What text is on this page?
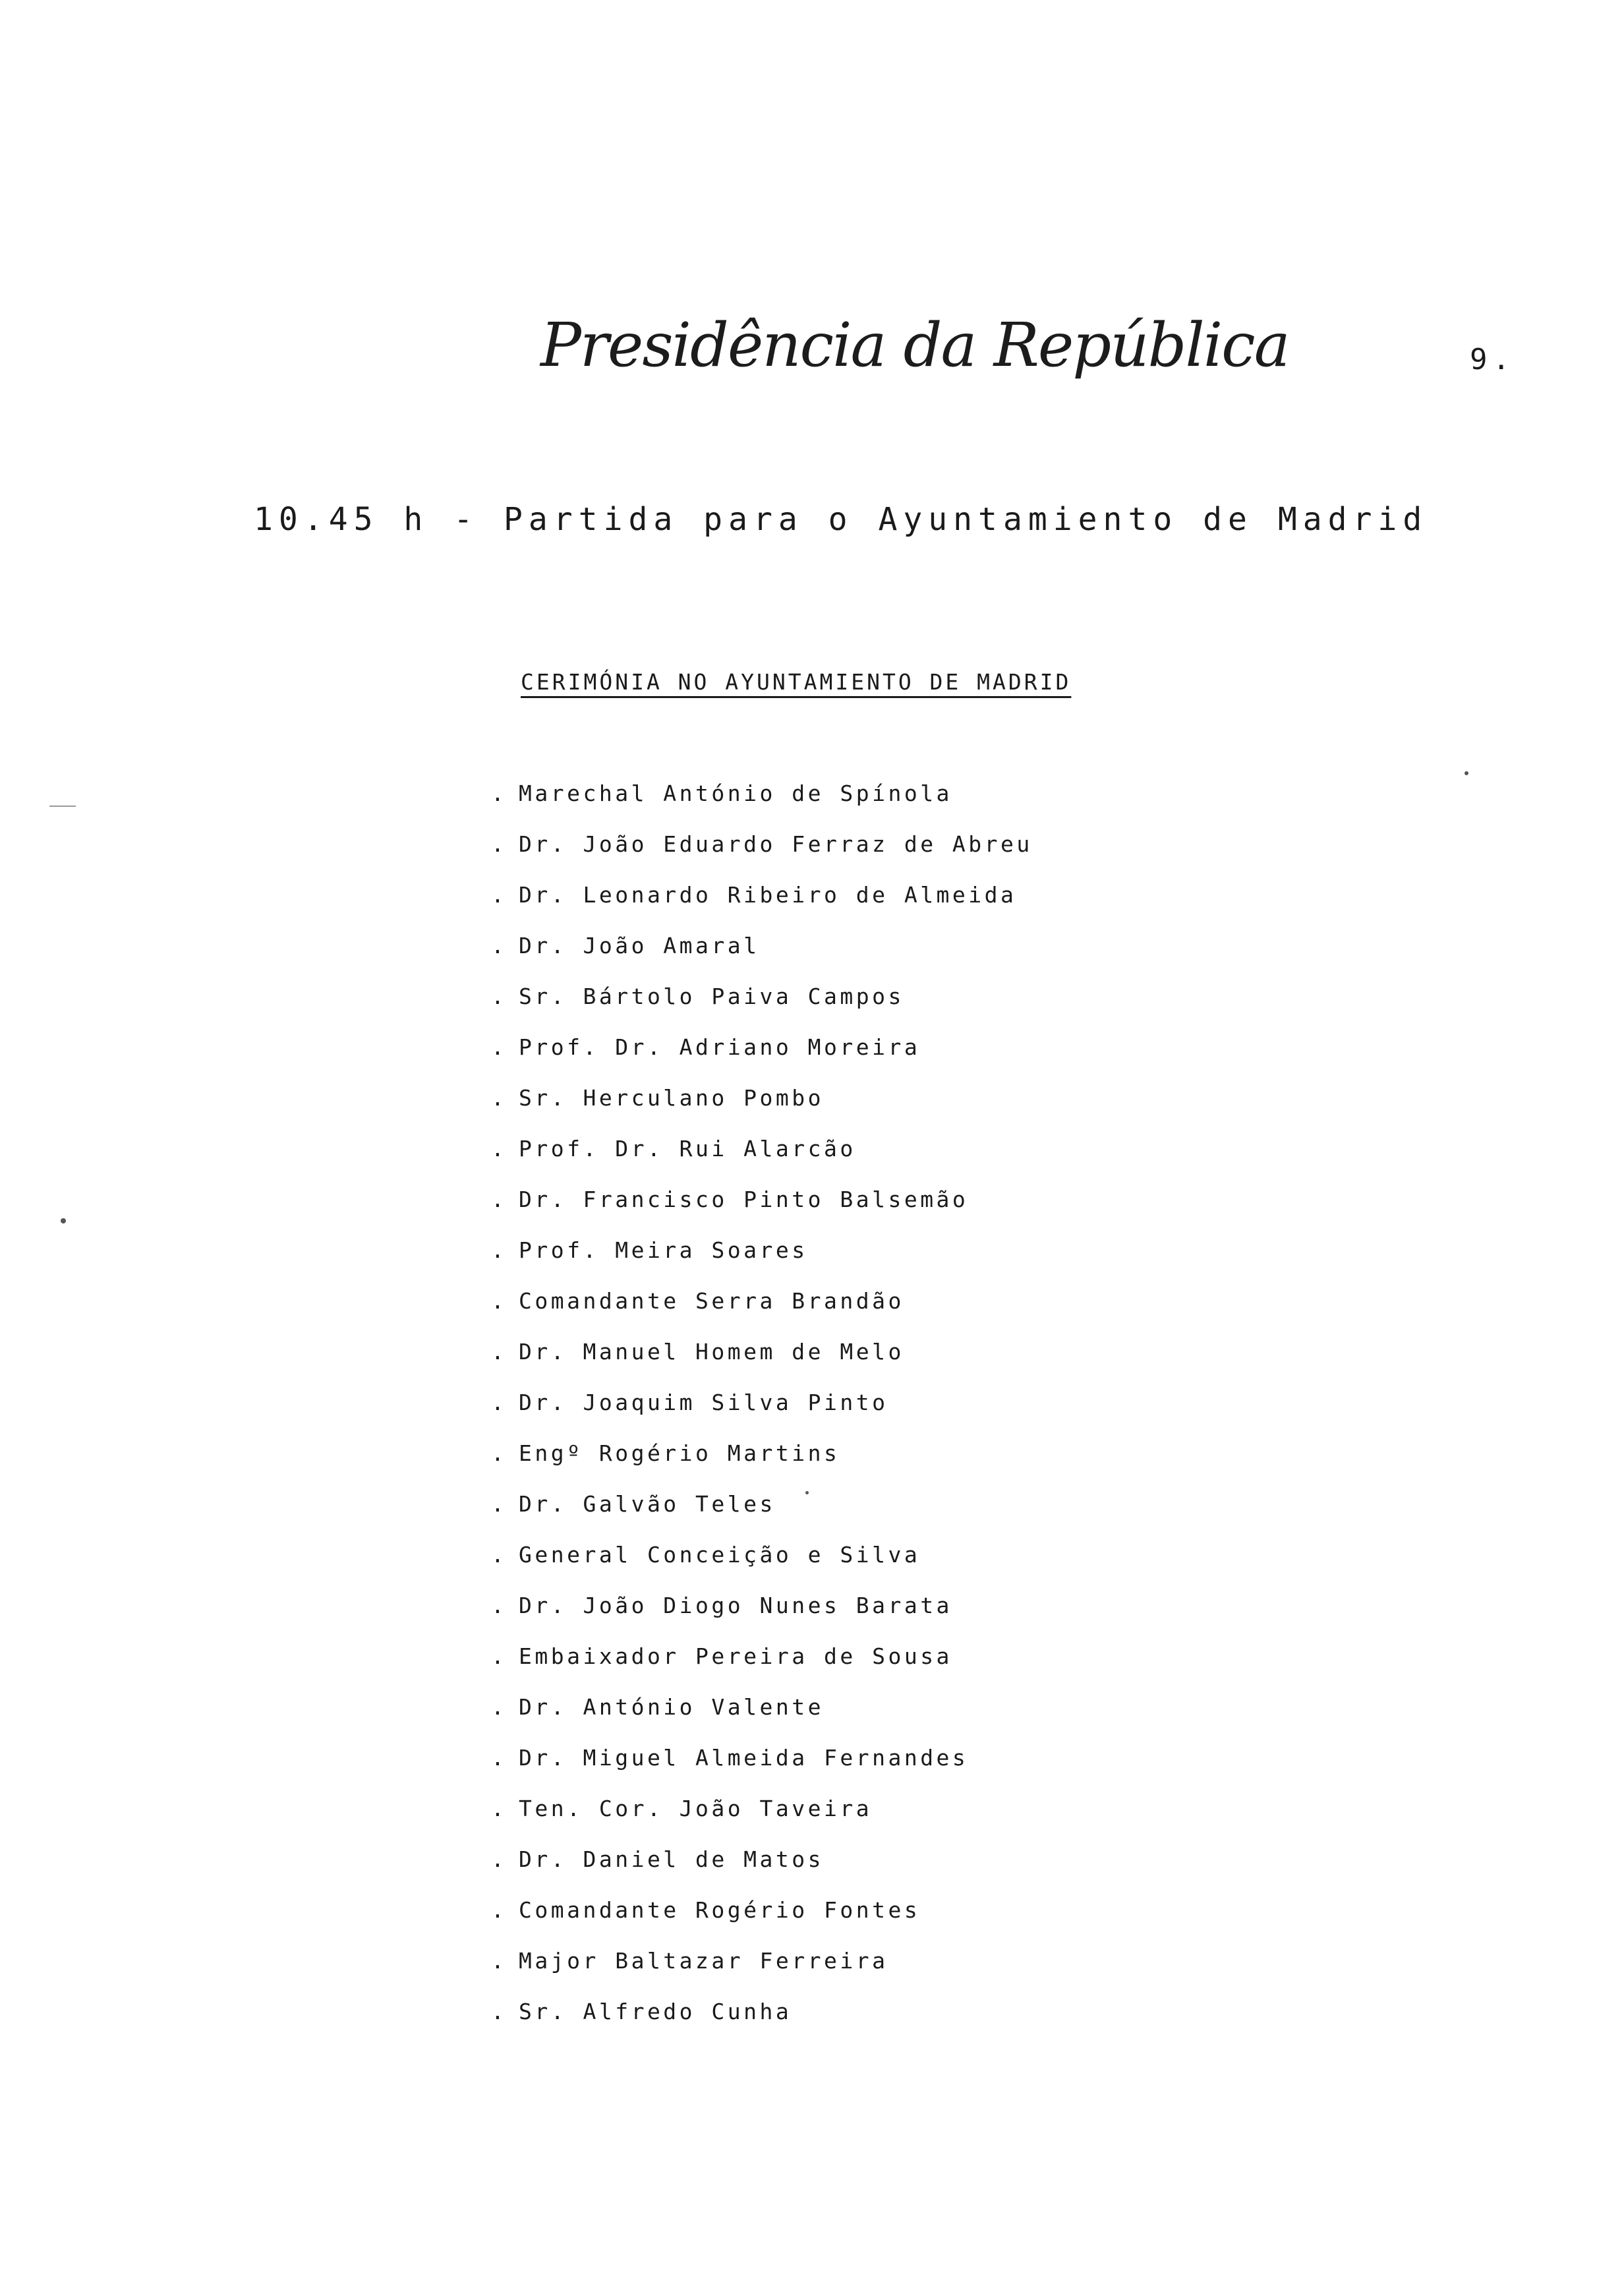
Presidência da República	9.
10.45 h - Partida para o Ayuntamiento de Madrid
CERIMÓNIA NO AYUNTAMIENTO DE MADRID
. Marechal António de Spínola
. Dr. João Eduardo Ferraz de Abreu
. Dr. Leonardo Ribeiro de Almeida
. Dr. João Amaral
. Sr. Bártolo Paiva Campos
. Prof. Dr. Adriano Moreira
. Sr. Herculano Pombo
. Prof. Dr. Rui Alarcão
. Dr. Francisco Pinto Balsemão
. Prof. Meira Soares
. Comandante Serra Brandão
. Dr. Manuel Homem de Melo
. Dr. Joaquim Silva Pinto
. Engº Rogério Martins
. Dr. Galvão Teles
. General Conceição e Silva
. Dr. João Diogo Nunes Barata
. Embaixador Pereira de Sousa
. Dr. António Valente
. Dr. Miguel Almeida Fernandes
. Ten. Cor. João Taveira
. Dr. Daniel de Matos
. Comandante Rogério Fontes
. Major Baltazar Ferreira
. Sr. Alfredo Cunha
